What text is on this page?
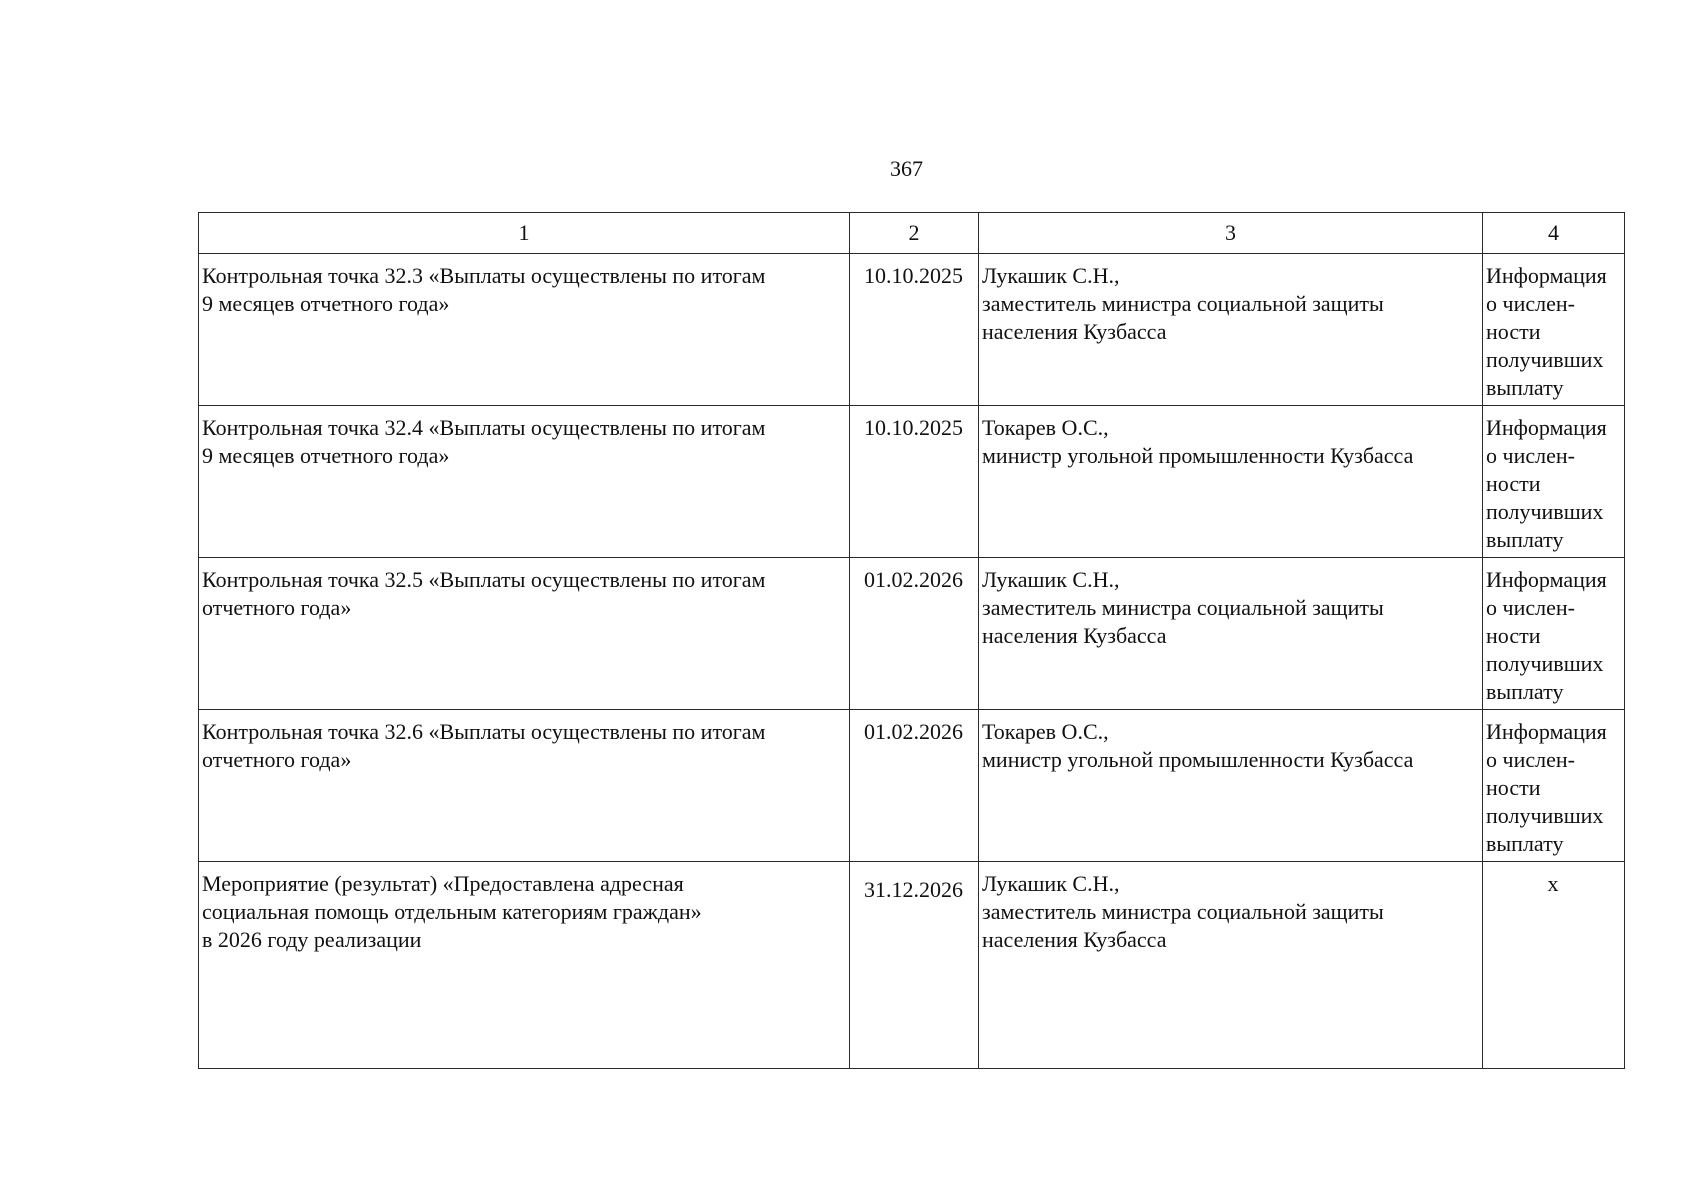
367
1	2	3	4

Контрольная точка 32.3 «Выплаты осуществлены по итогам
9 месяцев отчетного года»	10.10.2025	Лукашик С.Н.,
заместитель министра социальной защиты
населения Кузбасса	Информация
о числен-
ности
получивших
выплату

Контрольная точка 32.4 «Выплаты осуществлены по итогам
9 месяцев отчетного года»	10.10.2025	Токарев О.С.,
министр угольной промышленности Кузбасса	Информация
о числен-
ности
получивших
выплату

Контрольная точка 32.5 «Выплаты осуществлены по итогам
отчетного года»	01.02.2026	Лукашик С.Н.,
заместитель министра социальной защиты
населения Кузбасса	Информация
о числен-
ности
получивших
выплату

Контрольная точка 32.6 «Выплаты осуществлены по итогам
отчетного года»	01.02.2026	Токарев О.С.,
министр угольной промышленности Кузбасса	Информация
о числен-
ности
получивших
выплату

Мероприятие (результат) «Предоставлена адресная
социальная помощь отдельным категориям граждан»
в 2026 году реализации	31.12.2026	Лукашик С.Н.,
заместитель министра социальной защиты
населения Кузбасса	х
